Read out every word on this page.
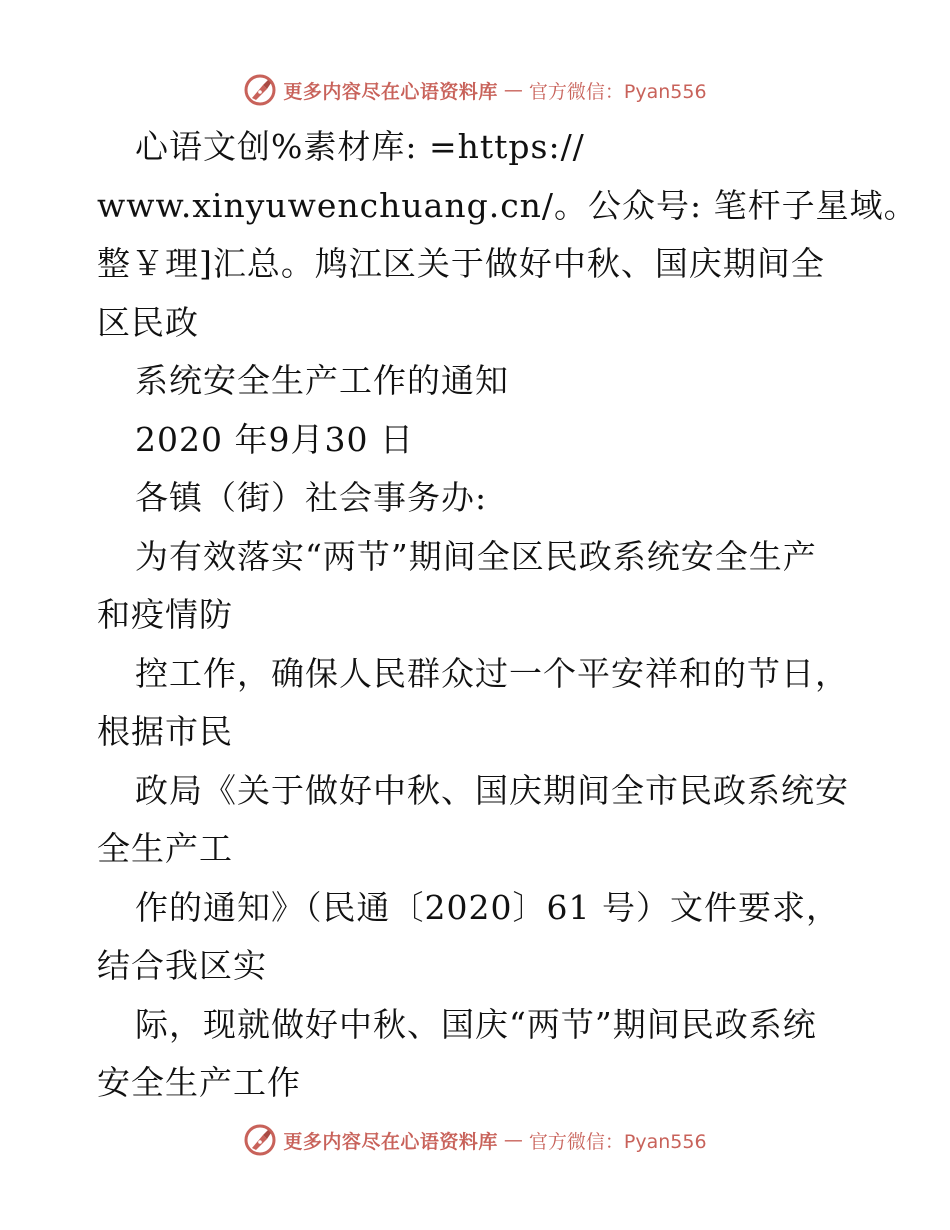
更多内容尽在心语资料库 — 官方微信：Pyan556
心语文创%素材库: =https://
www.xinyuwenchuang.cn/。公众号: 笔杆子星域。
整￥理]汇总。鸠江区关于做好中秋、国庆期间全
区民政
系统安全生产工作的通知
2020 年9月30 日
各镇（街）社会事务办:
为有效落实“两节”期间全区民政系统安全生产
和疫情防
控工作，确保人民群众过一个平安祥和的节日，
根据市民
政局《关于做好中秋、国庆期间全市民政系统安
全生产工
作的通知》（民通〔2020〕61 号）文件要求，
结合我区实
际，现就做好中秋、国庆“两节”期间民政系统
安全生产工作
更多内容尽在心语资料库 — 官方微信：Pyan556
